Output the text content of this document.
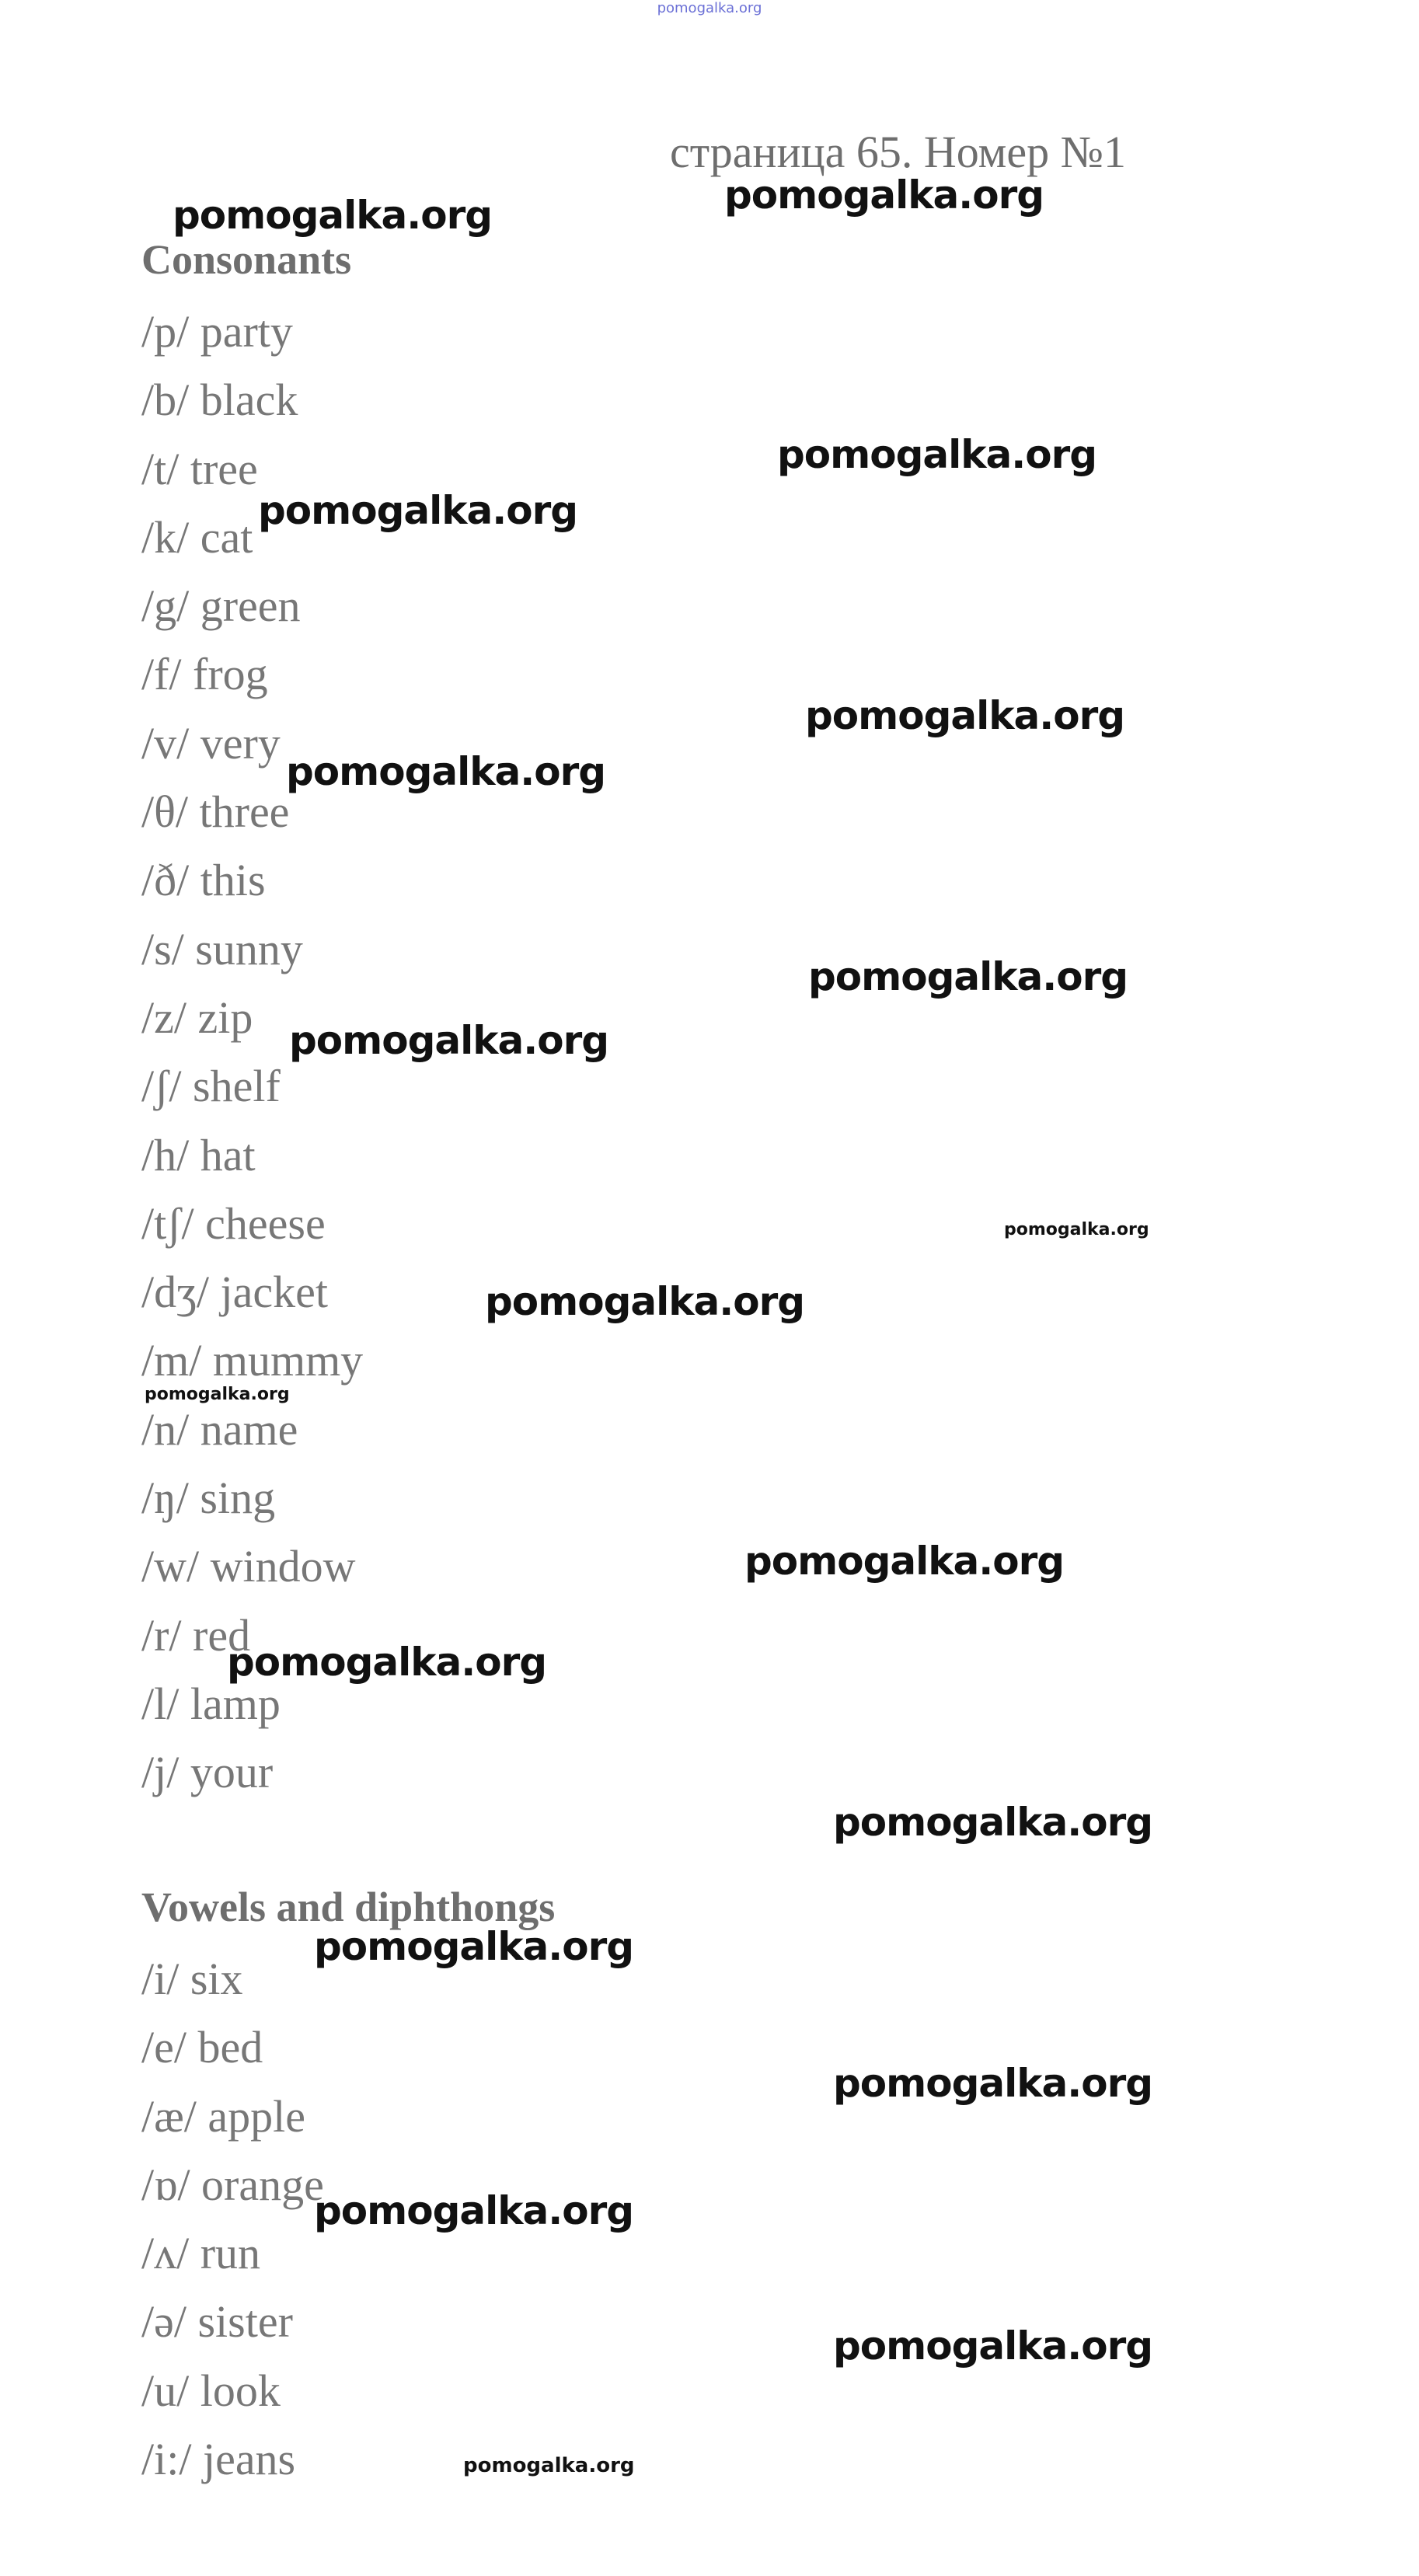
pomogalka.org
страница 65. Номер №1
Consonants
/p/ party
/b/ black
/t/ tree
/k/ cat
/g/ green
/f/ frog
/v/ very
/θ/ three
/ð/ this
/s/ sunny
/z/ zip
/ʃ/ shelf
/h/ hat
/tʃ/ cheese
/dʒ/ jacket
/m/ mummy
/n/ name
/ŋ/ sing
/w/ window
/r/ red
/l/ lamp
/j/ your
Vowels and diphthongs
/i/ six
/e/ bed
/æ/ apple
/ɒ/ orange
/ʌ/ run
/ə/ sister
/u/ look
/i:/ jeans
pomogalka.org	pomogalka.org
pomogalka.org
pomogalka.org
pomogalka.org
pomogalka.org
pomogalka.org
pomogalka.org
pomogalka.org
pomogalka.org
pomogalka.org
pomogalka.org
pomogalka.org
pomogalka.org
pomogalka.org
pomogalka.org
pomogalka.org
pomogalka.org
pomogalka.org
